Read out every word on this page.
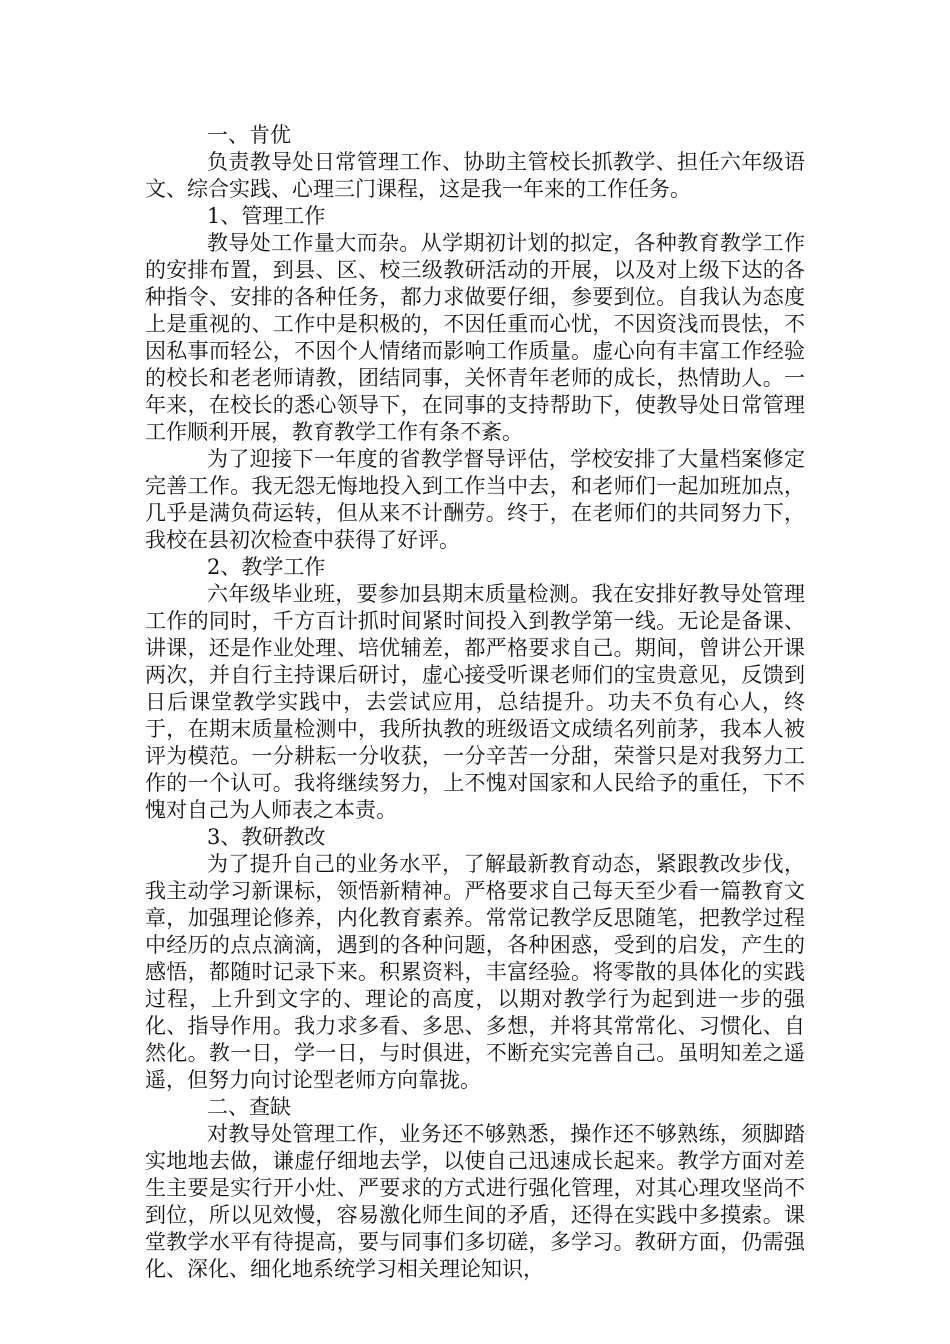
一、肯优

负责教导处日常管理工作、协助主管校长抓教学、担任六年级语文、综合实践、心理三门课程，这是我一年来的工作任务。

1、管理工作

教导处工作量大而杂。从学期初计划的拟定，各种教育教学工作的安排布置，到县、区、校三级教研活动的开展，以及对上级下达的各种指令、安排的各种任务，都力求做要仔细，参要到位。自我认为态度上是重视的、工作中是积极的，不因任重而心忧，不因资浅而畏怯，不因私事而轻公，不因个人情绪而影响工作质量。虚心向有丰富工作经验的校长和老老师请教，团结同事，关怀青年老师的成长，热情助人。一年来，在校长的悉心领导下，在同事的支持帮助下，使教导处日常管理工作顺利开展，教育教学工作有条不紊。

为了迎接下一年度的省教学督导评估，学校安排了大量档案修定完善工作。我无怨无悔地投入到工作当中去，和老师们一起加班加点，几乎是满负荷运转，但从来不计酬劳。终于，在老师们的共同努力下，我校在县初次检查中获得了好评。

2、教学工作

六年级毕业班，要参加县期末质量检测。我在安排好教导处管理工作的同时，千方百计抓时间紧时间投入到教学第一线。无论是备课、讲课，还是作业处理、培优辅差，都严格要求自己。期间，曾讲公开课两次，并自行主持课后研讨，虚心接受听课老师们的宝贵意见，反馈到日后课堂教学实践中，去尝试应用，总结提升。功夫不负有心人，终于，在期末质量检测中，我所执教的班级语文成绩名列前茅，我本人被评为模范。一分耕耘一分收获，一分辛苦一分甜，荣誉只是对我努力工作的一个认可。我将继续努力，上不愧对国家和人民给予的重任，下不愧对自己为人师表之本责。

3、教研教改

为了提升自己的业务水平，了解最新教育动态，紧跟教改步伐，我主动学习新课标，领悟新精神。严格要求自己每天至少看一篇教育文章，加强理论修养，内化教育素养。常常记教学反思随笔，把教学过程中经历的点点滴滴，遇到的各种问题，各种困惑，受到的启发，产生的感悟，都随时记录下来。积累资料，丰富经验。将零散的具体化的实践过程，上升到文字的、理论的高度，以期对教学行为起到进一步的强化、指导作用。我力求多看、多思、多想，并将其常常化、习惯化、自然化。教一日，学一日，与时俱进，不断充实完善自己。虽明知差之遥遥，但努力向讨论型老师方向靠拢。

二、查缺

对教导处管理工作，业务还不够熟悉，操作还不够熟练，须脚踏实地地去做，谦虚仔细地去学，以使自己迅速成长起来。教学方面对差生主要是实行开小灶、严要求的方式进行强化管理，对其心理攻坚尚不到位，所以见效慢，容易激化师生间的矛盾，还得在实践中多摸索。课堂教学水平有待提高，要与同事们多切磋，多学习。教研方面，仍需强化、深化、细化地系统学习相关理论知识，
